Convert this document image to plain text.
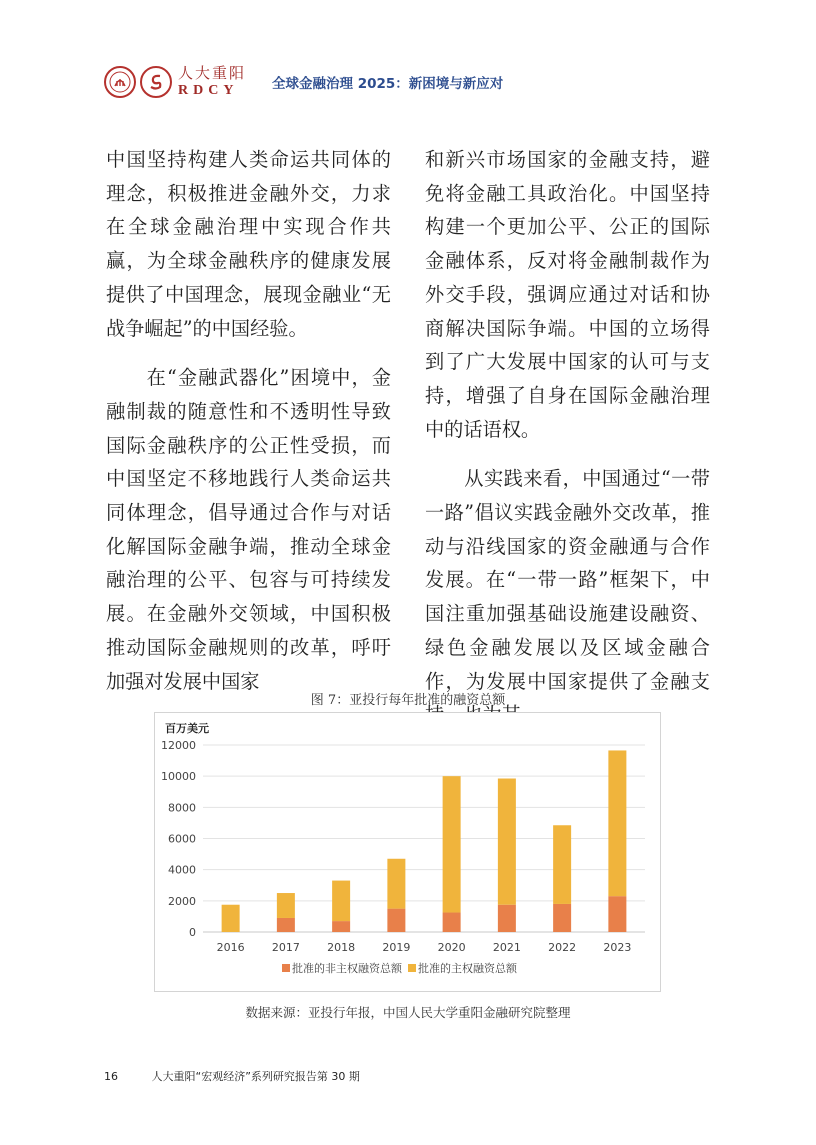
人大重阳
RDCY	全球金融治理 2025：新困境与新应对

中国坚持构建人类命运共同体的理念，积极推进金融外交，力求在全球金融治理中实现合作共赢，为全球金融秩序的健康发展提供了中国理念，展现金融业“无战争崛起”的中国经验。

　　在“金融武器化”困境中，金融制裁的随意性和不透明性导致国际金融秩序的公正性受损，而中国坚定不移地践行人类命运共同体理念，倡导通过合作与对话化解国际金融争端，推动全球金融治理的公平、包容与可持续发展。在金融外交领域，中国积极推动国际金融规则的改革，呼吁加强对发展中国家

和新兴市场国家的金融支持，避免将金融工具政治化。中国坚持构建一个更加公平、公正的国际金融体系，反对将金融制裁作为外交手段，强调应通过对话和协商解决国际争端。中国的立场得到了广大发展中国家的认可与支持，增强了自身在国际金融治理中的话语权。

　　从实践来看，中国通过“一带一路”倡议实践金融外交改革，推动与沿线国家的资金融通与合作发展。在“一带一路”框架下，中国注重加强基础设施建设融资、绿色金融发展以及区域金融合作，为发展中国家提供了金融支

图 7：亚投行每年批准的融资总额
百万美元
0
2000
4000
6000
8000
10000
12000
2016 2017 2018 2019 2020 2021 2022 2023
批准的非主权融资总额 批准的主权融资总额
数据来源：亚投行年报，中国人民大学重阳金融研究院整理
16	人大重阳“宏观经济”系列研究报告第 30 期
